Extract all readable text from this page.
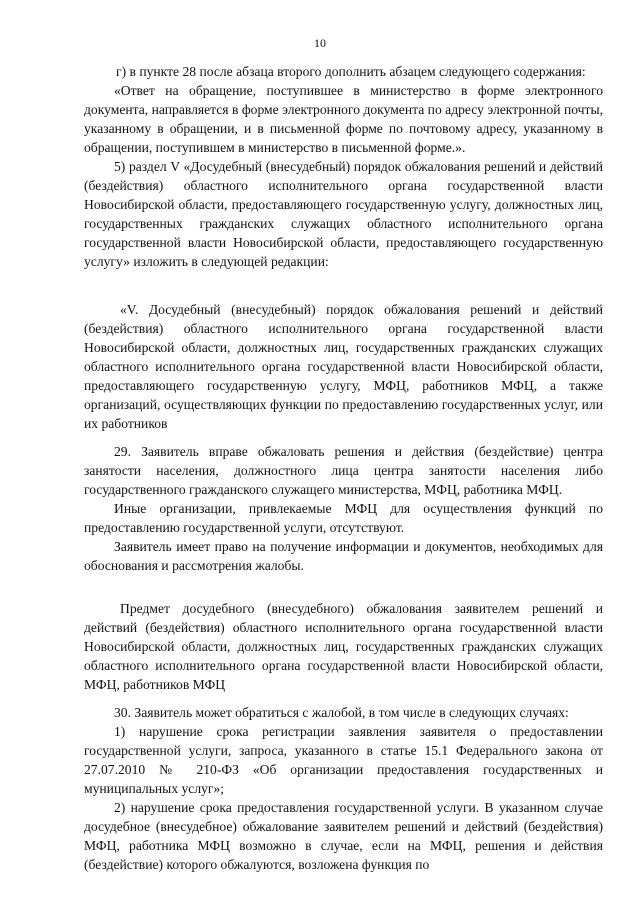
10

г) в пункте 28 после абзаца второго дополнить абзацем следующего содержания:

«Ответ на обращение, поступившее в министерство в форме электронного документа, направляется в форме электронного документа по адресу электронной почты, указанному в обращении, и в письменной форме по почтовому адресу, указанному в обращении, поступившем в министерство в письменной форме.».

5) раздел V «Досудебный (внесудебный) порядок обжалования решений и действий (бездействия) областного исполнительного органа государственной власти Новосибирской области, предоставляющего государственную услугу, должностных лиц, государственных гражданских служащих областного исполнительного органа государственной власти Новосибирской области, предоставляющего государственную услугу» изложить в следующей редакции:

«V. Досудебный (внесудебный) порядок обжалования решений и действий (бездействия) областного исполнительного органа государственной власти Новосибирской области, должностных лиц, государственных гражданских служащих областного исполнительного органа государственной власти Новосибирской области, предоставляющего государственную услугу, МФЦ, работников МФЦ, а также организаций, осуществляющих функции по предоставлению государственных услуг, или их работников

29. Заявитель вправе обжаловать решения и действия (бездействие) центра занятости населения, должностного лица центра занятости населения либо государственного гражданского служащего министерства, МФЦ, работника МФЦ.

Иные организации, привлекаемые МФЦ для осуществления функций по предоставлению государственной услуги, отсутствуют.

Заявитель имеет право на получение информации и документов, необходимых для обоснования и рассмотрения жалобы.

Предмет досудебного (внесудебного) обжалования заявителем решений и действий (бездействия) областного исполнительного органа государственной власти Новосибирской области, должностных лиц, государственных гражданских служащих областного исполнительного органа государственной власти Новосибирской области, МФЦ, работников МФЦ

30. Заявитель может обратиться с жалобой, в том числе в следующих случаях:

1) нарушение срока регистрации заявления заявителя о предоставлении государственной услуги, запроса, указанного в статье 15.1 Федерального закона от 27.07.2010 № 210-ФЗ «Об организации предоставления государственных и муниципальных услуг»;

2) нарушение срока предоставления государственной услуги. В указанном случае досудебное (внесудебное) обжалование заявителем решений и действий (бездействия) МФЦ, работника МФЦ возможно в случае, если на МФЦ, решения и действия (бездействие) которого обжалуются, возложена функция по
